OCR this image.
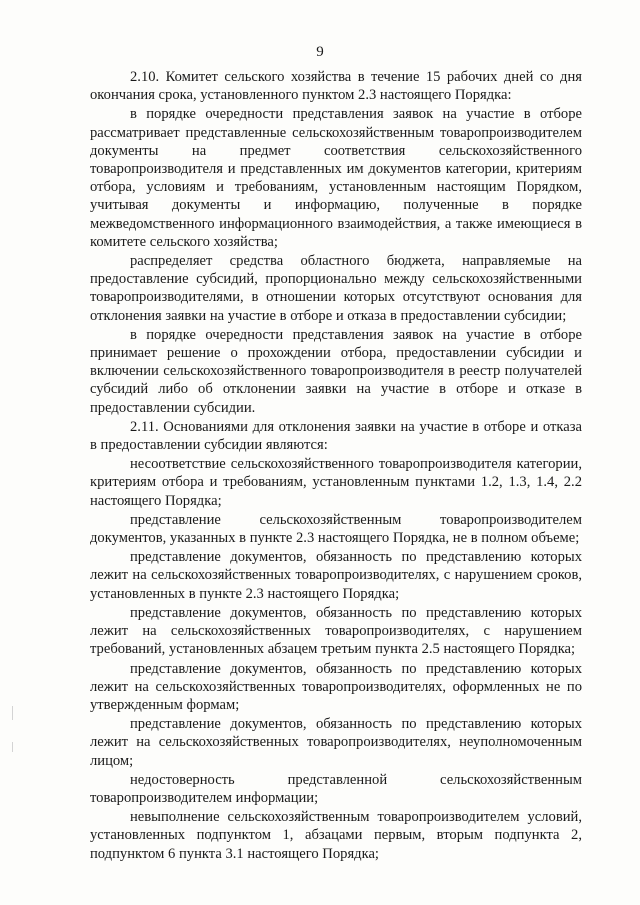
9

2.10. Комитет сельского хозяйства в течение 15 рабочих дней со дня окончания срока, установленного пунктом 2.3 настоящего Порядка:

в порядке очередности представления заявок на участие в отборе рассматривает представленные сельскохозяйственным товаропроизводителем документы на предмет соответствия сельскохозяйственного товаропроизводителя и представленных им документов категории, критериям отбора, условиям и требованиям, установленным настоящим Порядком, учитывая документы и информацию, полученные в порядке межведомственного информационного взаимодействия, а также имеющиеся в комитете сельского хозяйства;

распределяет средства областного бюджета, направляемые на предоставление субсидий, пропорционально между сельскохозяйственными товаропроизводителями, в отношении которых отсутствуют основания для отклонения заявки на участие в отборе и отказа в предоставлении субсидии;

в порядке очередности представления заявок на участие в отборе принимает решение о прохождении отбора, предоставлении субсидии и включении сельскохозяйственного товаропроизводителя в реестр получателей субсидий либо об отклонении заявки на участие в отборе и отказе в предоставлении субсидии.

2.11. Основаниями для отклонения заявки на участие в отборе и отказа в предоставлении субсидии являются:

несоответствие сельскохозяйственного товаропроизводителя категории, критериям отбора и требованиям, установленным пунктами 1.2, 1.3, 1.4, 2.2 настоящего Порядка;

представление сельскохозяйственным товаропроизводителем документов, указанных в пункте 2.3 настоящего Порядка, не в полном объеме;

представление документов, обязанность по представлению которых лежит на сельскохозяйственных товаропроизводителях, с нарушением сроков, установленных в пункте 2.3 настоящего Порядка;

представление документов, обязанность по представлению которых лежит на сельскохозяйственных товаропроизводителях, с нарушением требований, установленных абзацем третьим пункта 2.5 настоящего Порядка;

представление документов, обязанность по представлению которых лежит на сельскохозяйственных товаропроизводителях, оформленных не по утвержденным формам;

представление документов, обязанность по представлению которых лежит на сельскохозяйственных товаропроизводителях, неуполномоченным лицом;

недостоверность представленной сельскохозяйственным товаропроизводителем информации;

невыполнение сельскохозяйственным товаропроизводителем условий, установленных подпунктом 1, абзацами первым, вторым подпункта 2, подпунктом 6 пункта 3.1 настоящего Порядка;
